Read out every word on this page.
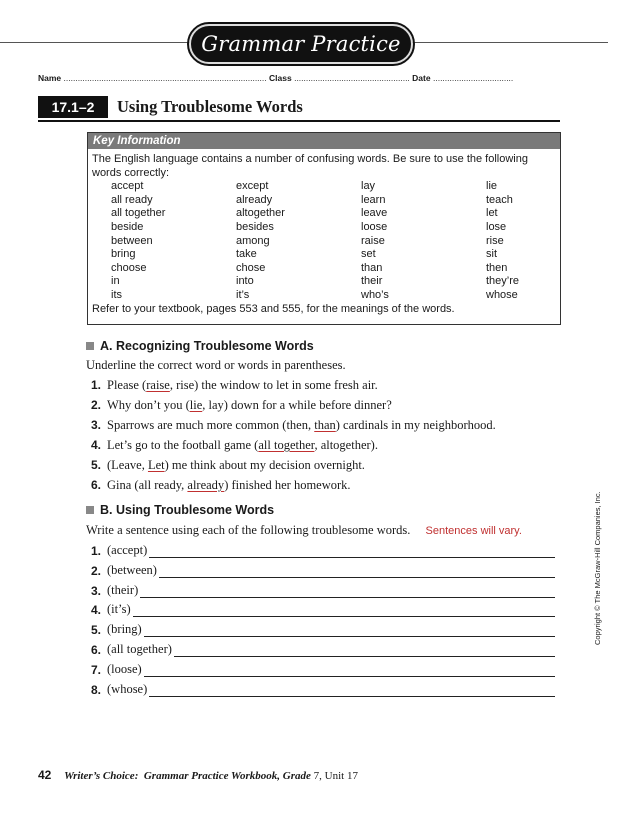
Grammar Practice
Name ...................................................................................... Class ................................................. Date ..................................
17.1–2	Using Troublesome Words
Key Information
The English language contains a number of confusing words. Be sure to use the following words correctly:
accept	except	lay	lie
all ready	already	learn	teach
all together	altogether	leave	let
beside	besides	loose	lose
between	among	raise	rise
bring	take	set	sit
choose	chose	than	then
in	into	their	they’re
its	it’s	who’s	whose
Refer to your textbook, pages 553 and 555, for the meanings of the words.
A. Recognizing Troublesome Words
Underline the correct word or words in parentheses.
1. Please (raise, rise) the window to let in some fresh air.
2. Why don’t you (lie, lay) down for a while before dinner?
3. Sparrows are much more common (then, than) cardinals in my neighborhood.
4. Let’s go to the football game (all together, altogether).
5. (Leave, Let) me think about my decision overnight.
6. Gina (all ready, already) finished her homework.
B. Using Troublesome Words
Write a sentence using each of the following troublesome words. Sentences will vary.
1. (accept)
2. (between)
3. (their)
4. (it’s)
5. (bring)
6. (all together)
7. (loose)
8. (whose)
Copyright © The McGraw-Hill Companies, Inc.
42 Writer’s Choice: Grammar Practice Workbook, Grade 7, Unit 17
